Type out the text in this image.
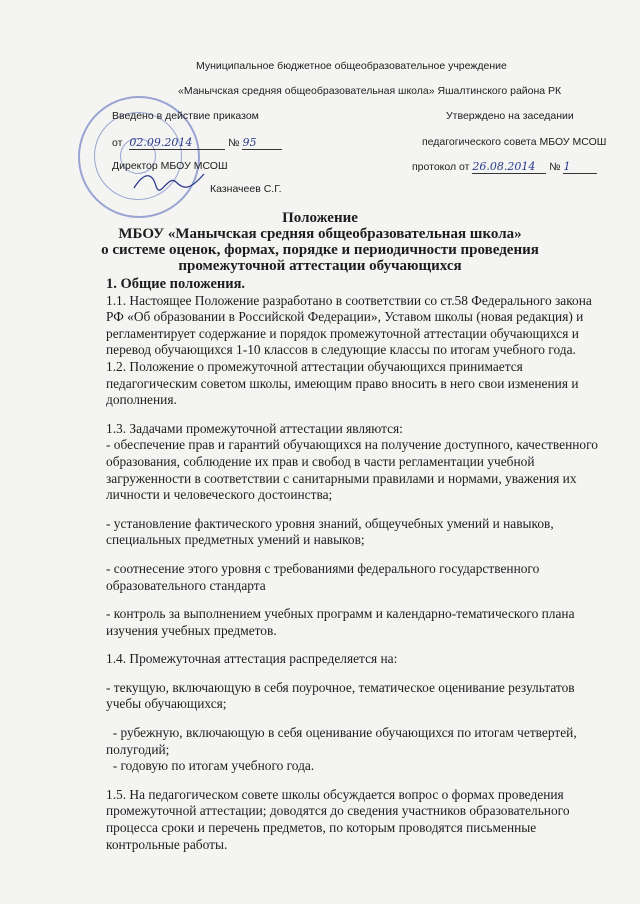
Муниципальное бюджетное общеобразовательное учреждение
«Манычская средняя общеобразовательная школа» Яшалтинского района РК
Введено в действие приказом
от 02.09.2014	№ 95
Директор МБОУ МСОШ
Казначеев С.Г.
Утверждено на заседании
педагогического совета МБОУ МСОШ
протокол от 26.08.2014 № 1
Положение
МБОУ «Манычская средняя общеобразовательная школа»
о системе оценок, формах, порядке и периодичности проведения
промежуточной аттестации обучающихся

1. Общие положения.

1.1. Настоящее Положение разработано в соответствии со ст.58 Федерального закона РФ «Об образовании в Российской Федерации», Уставом школы (новая редакция) и регламентирует содержание и порядок промежуточной аттестации обучающихся и перевод обучающихся 1-10 классов в следующие классы по итогам учебного года.

1.2. Положение о промежуточной аттестации обучающихся принимается педагогическим советом школы, имеющим право вносить в него свои изменения и дополнения.

1.3. Задачами промежуточной аттестации являются:

- обеспечение прав и гарантий обучающихся на получение доступного, качественного образования, соблюдение их прав и свобод в части регламентации учебной загруженности в соответствии с санитарными правилами и нормами, уважения их личности и человеческого достоинства;

- установление фактического уровня знаний, общеучебных умений и навыков, специальных предметных умений и навыков;

- соотнесение этого уровня с требованиями федерального государственного образовательного стандарта

- контроль за выполнением учебных программ и календарно-тематического плана изучения учебных предметов.

1.4. Промежуточная аттестация распределяется на:

- текущую, включающую в себя поурочное, тематическое оценивание результатов учебы обучающихся;

- рубежную, включающую в себя оценивание обучающихся по итогам четвертей, полугодий;

- годовую по итогам учебного года.

1.5. На педагогическом совете школы обсуждается вопрос о формах проведения промежуточной аттестации; доводятся до сведения участников образовательного процесса сроки и перечень предметов, по которым проводятся письменные контрольные работы.
